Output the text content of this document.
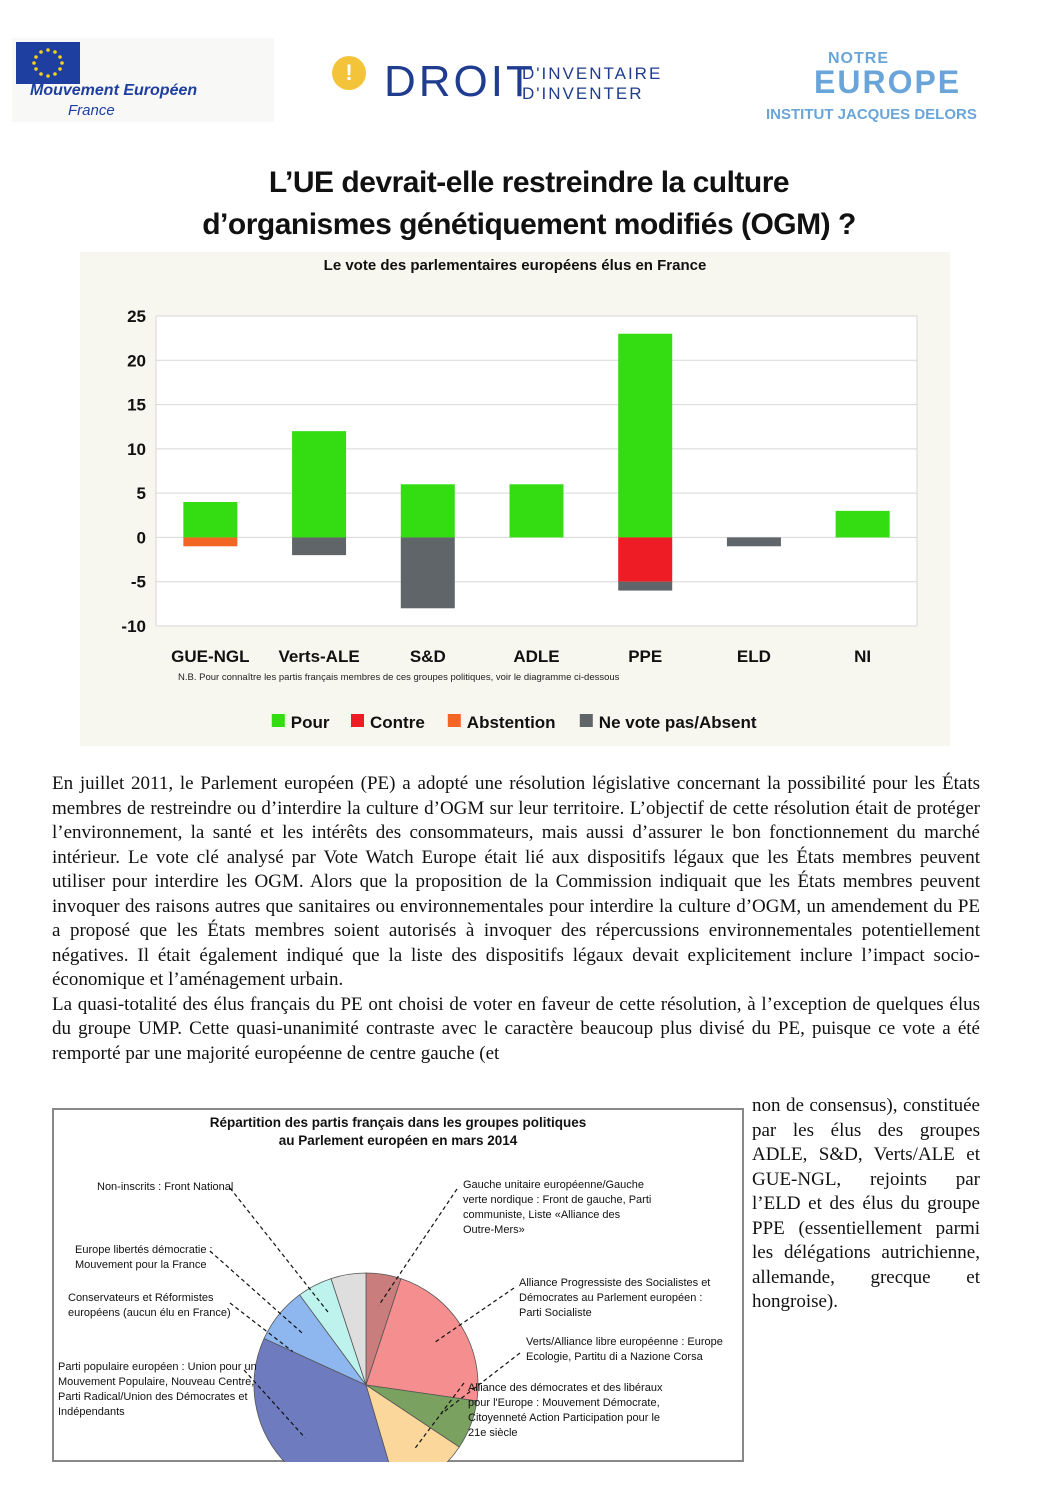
Mouvement Européen
France
! DROIT
D'INVENTAIRE
D'INVENTER
NOTRE
EUROPE
INSTITUT JACQUES DELORS
L’UE devrait-elle restreindre la culture
d’organismes génétiquement modifiés (OGM) ?
Le vote des parlementaires européens élus en France
25
20
15
10
5
0
-5
-10
GUE-NGL Verts-ALE	S&D	ADLE	PPE	ELD	NI
N.B. Pour connaître les partis français membres de ces groupes politiques, voir le diagramme ci-dessous
Pour Contre Abstention	Ne vote pas/Absent

En juillet 2011, le Parlement européen (PE) a adopté une résolution législative concernant la possibilité pour les États membres de restreindre ou d’interdire la culture d’OGM sur leur territoire. L’objectif de cette résolution était de protéger l’environnement, la santé et les intérêts des consommateurs, mais aussi d’assurer le bon fonctionnement du marché intérieur. Le vote clé analysé par Vote Watch Europe était lié aux dispositifs légaux que les États membres peuvent utiliser pour interdire les OGM. Alors que la proposition de la Commission indiquait que les États membres peuvent invoquer des raisons autres que sanitaires ou environnementales pour interdire la culture d’OGM, un amendement du PE a proposé que les États membres soient autorisés à invoquer des répercussions environnementales potentiellement négatives. Il était également indiqué que la liste des dispositifs légaux devait explicitement inclure l’impact socio-économique et l’aménagement urbain.

La quasi-totalité des élus français du PE ont choisi de voter en faveur de cette résolution, à l’exception de quelques élus du groupe UMP. Cette quasi-unanimité contraste avec le caractère beaucoup plus divisé du PE, puisque ce vote a été remporté par une majorité européenne de centre gauche (et

non de consensus), constituée par les élus des groupes ADLE, S&D, Verts/ALE et GUE-NGL, rejoints par l’ELD et des élus du groupe PPE (essentiellement parmi les délégations autrichienne, allemande, grecque et hongroise).
Répartition des partis français dans les groupes politiques
au Parlement européen en mars 2014
Gauche unitaire européenne/Gauche
verte nordique : Front de gauche, Parti
communiste, Liste «Alliance des
Outre-Mers»
Alliance Progressiste des Socialistes et
Démocrates au Parlement européen :
Parti Socialiste
Verts/Alliance libre européenne : Europe
Ecologie, Partitu di a Nazione Corsa
Alliance des démocrates et des libéraux
pour l'Europe : Mouvement Démocrate,
Citoyenneté Action Participation pour le
21e siècle
Non-inscrits : Front National
Europe libertés démocratie :
Mouvement pour la France
Conservateurs et Réformistes
européens (aucun élu en France)
Parti populaire européen : Union pour un
Mouvement Populaire, Nouveau Centre,
Parti Radical/Union des Démocrates et
Indépendants
